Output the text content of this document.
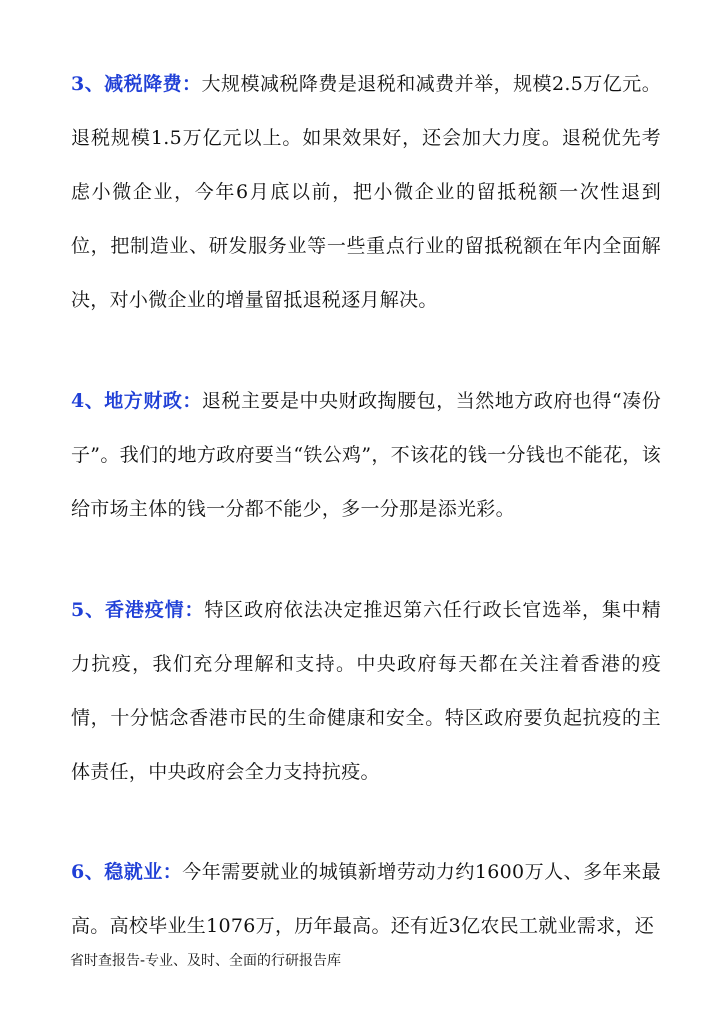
3、减税降费：大规模减税降费是退税和减费并举，规模2.5万亿元。退税规模1.5万亿元以上。如果效果好，还会加大力度。退税优先考虑小微企业，今年6月底以前，把小微企业的留抵税额一次性退到位，把制造业、研发服务业等一些重点行业的留抵税额在年内全面解决，对小微企业的增量留抵退税逐月解决。
4、地方财政：退税主要是中央财政掏腰包，当然地方政府也得“凑份子”。我们的地方政府要当“铁公鸡”，不该花的钱一分钱也不能花，该给市场主体的钱一分都不能少，多一分那是添光彩。
5、香港疫情：特区政府依法决定推迟第六任行政长官选举，集中精力抗疫，我们充分理解和支持。中央政府每天都在关注着香港的疫情，十分惦念香港市民的生命健康和安全。特区政府要负起抗疫的主体责任，中央政府会全力支持抗疫。
6、稳就业：今年需要就业的城镇新增劳动力约1600万人、多年来最高。高校毕业生1076万，历年最高。还有近3亿农民工就业需求，还
省时查报告-专业、及时、全面的行研报告库
